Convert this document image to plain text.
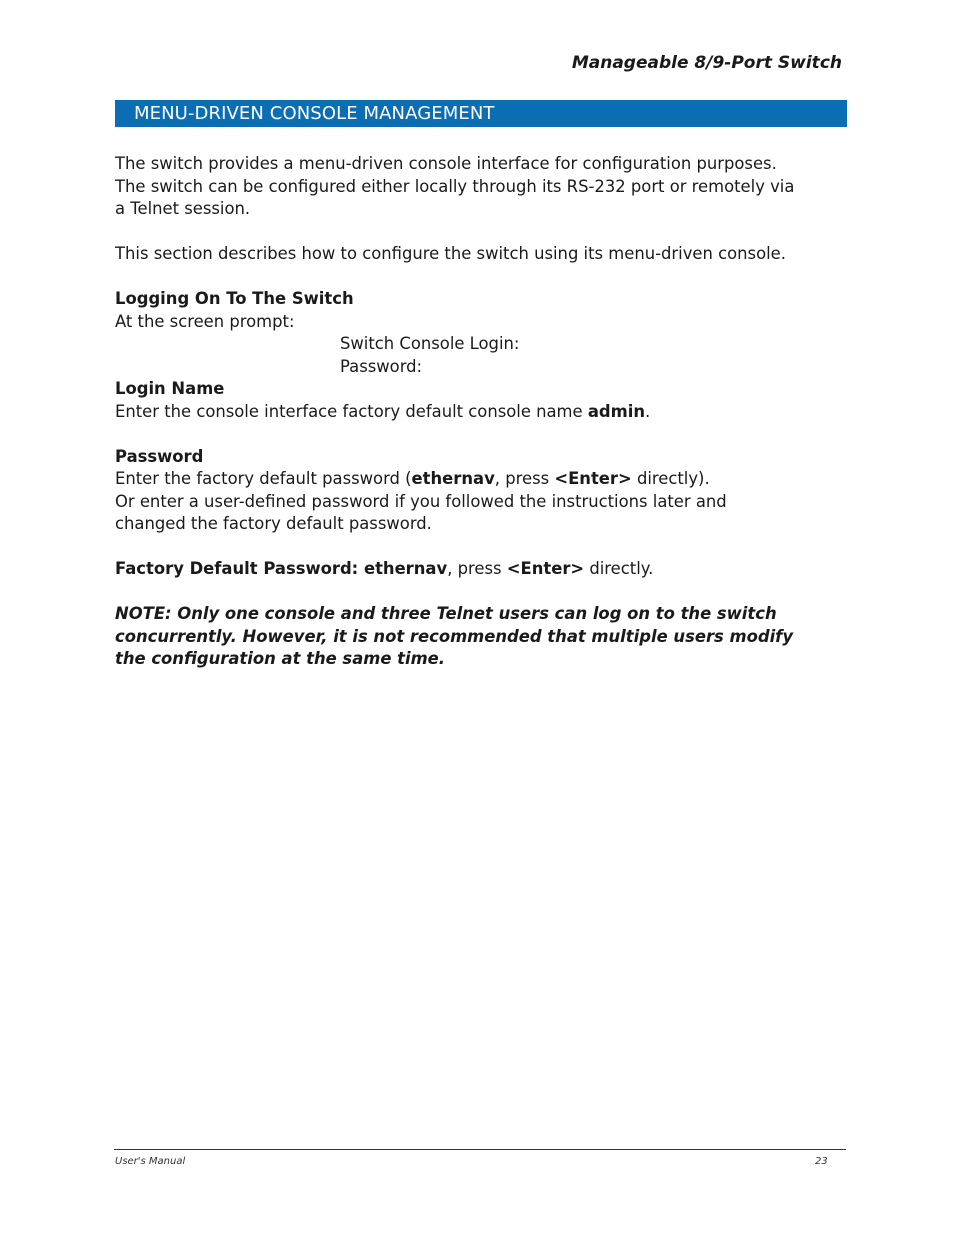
Manageable 8/9-Port Switch
MENU-DRIVEN CONSOLE MANAGEMENT

The switch provides a menu-driven console interface for configuration purposes.

The switch can be configured either locally through its RS-232 port or remotely via

a Telnet session.

This section describes how to configure the switch using its menu-driven console.

Logging On To The Switch

At the screen prompt:

Switch Console Login:

Password:

Login Name

Enter the console interface factory default console name admin.

Password

Enter the factory default password (ethernav, press <Enter> directly).

Or enter a user-defined password if you followed the instructions later and

changed the factory default password.

Factory Default Password: ethernav, press <Enter> directly.

NOTE: Only one console and three Telnet users can log on to the switch

concurrently. However, it is not recommended that multiple users modify

the configuration at the same time.

User's Manual	23
